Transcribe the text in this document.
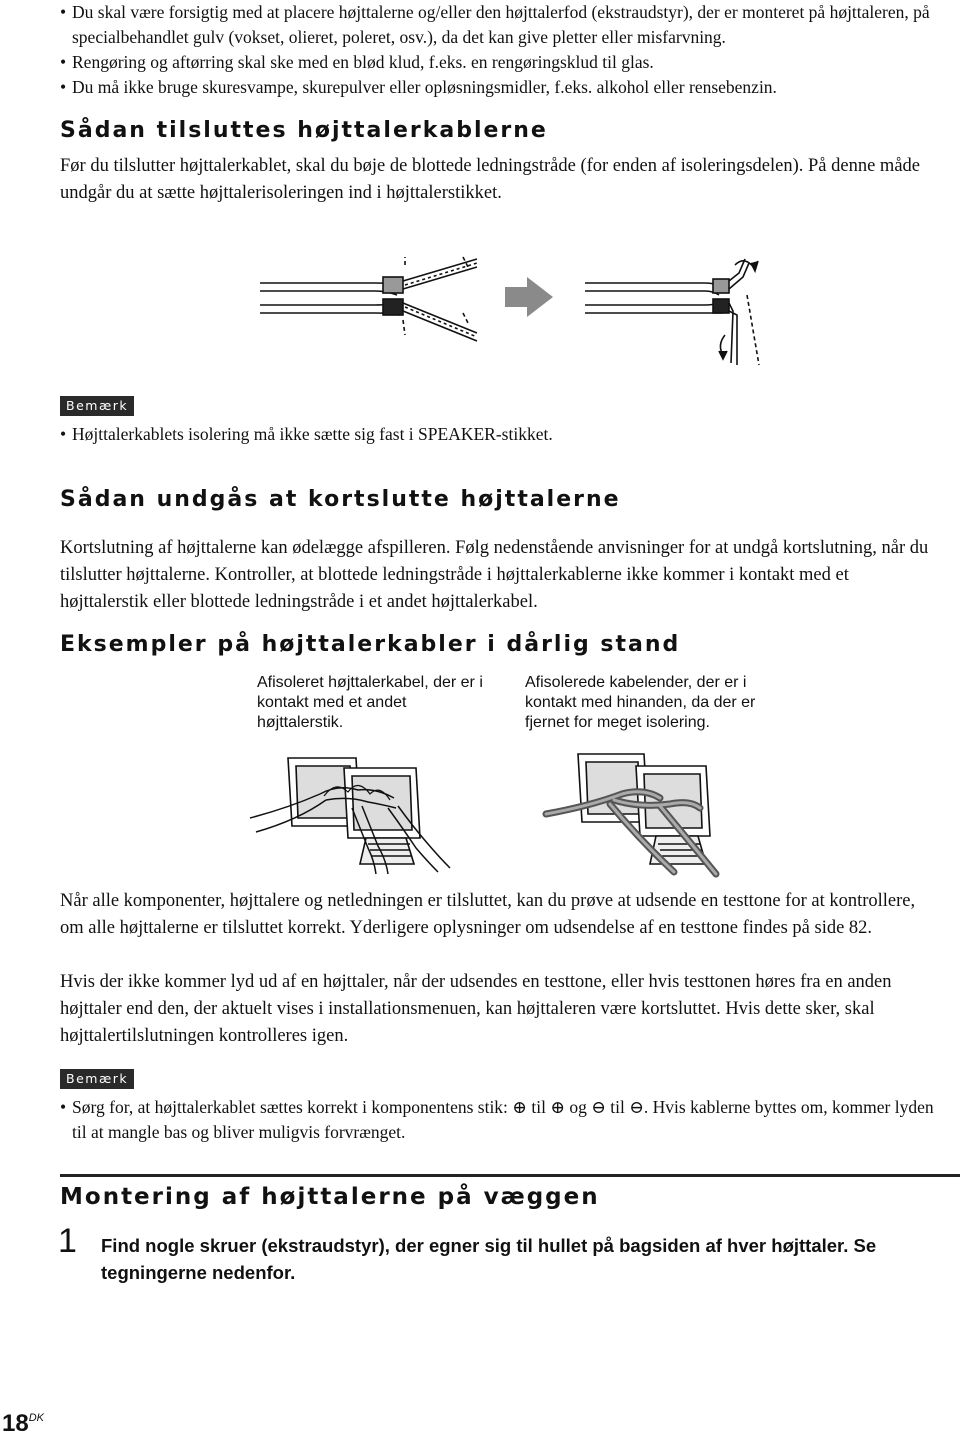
• Du skal være forsigtig med at placere højttalerne og/eller den højttalerfod (ekstraudstyr), der er monteret på højttaleren, på specialbehandlet gulv (vokset, olieret, poleret, osv.), da det kan give pletter eller misfarvning.
• Rengøring og aftørring skal ske med en blød klud, f.eks. en rengøringsklud til glas.
• Du må ikke bruge skuresvampe, skurepulver eller opløsningsmidler, f.eks. alkohol eller rensebenzin.
Sådan tilsluttes højttalerkablerne
Før du tilslutter højttalerkablet, skal du bøje de blottede ledningstråde (for enden af isoleringsdelen). På denne måde undgår du at sætte højttalerisoleringen ind i højttalerstikket.
Bemærk
• Højttalerkablets isolering må ikke sætte sig fast i SPEAKER-stikket.
Sådan undgås at kortslutte højttalerne
Kortslutning af højttalerne kan ødelægge afspilleren. Følg nedenstående anvisninger for at undgå kortslutning, når du tilslutter højttalerne. Kontroller, at blottede ledningstråde i højttalerkablerne ikke kommer i kontakt med et højttalerstik eller blottede ledningstråde i et andet højttalerkabel.
Eksempler på højttalerkabler i dårlig stand
Afisoleret højttalerkabel, der er i kontakt med et andet højttalerstik.
Afisolerede kabelender, der er i kontakt med hinanden, da der er fjernet for meget isolering.
Når alle komponenter, højttalere og netledningen er tilsluttet, kan du prøve at udsende en testtone for at kontrollere, om alle højttalerne er tilsluttet korrekt. Yderligere oplysninger om udsendelse af en testtone findes på side 82.
Hvis der ikke kommer lyd ud af en højttaler, når der udsendes en testtone, eller hvis testtonen høres fra en anden højttaler end den, der aktuelt vises i installationsmenuen, kan højttaleren være kortsluttet. Hvis dette sker, skal højttalertilslutningen kontrolleres igen.
Bemærk
• Sørg for, at højttalerkablet sættes korrekt i komponentens stik: ⊕ til ⊕ og ⊖ til ⊖. Hvis kablerne byttes om, kommer lyden til at mangle bas og bliver muligvis forvrænget.
Montering af højttalerne på væggen
1 Find nogle skruer (ekstraudstyr), der egner sig til hullet på bagsiden af hver højttaler. Se tegningerne nedenfor.
$18^{DK}$
